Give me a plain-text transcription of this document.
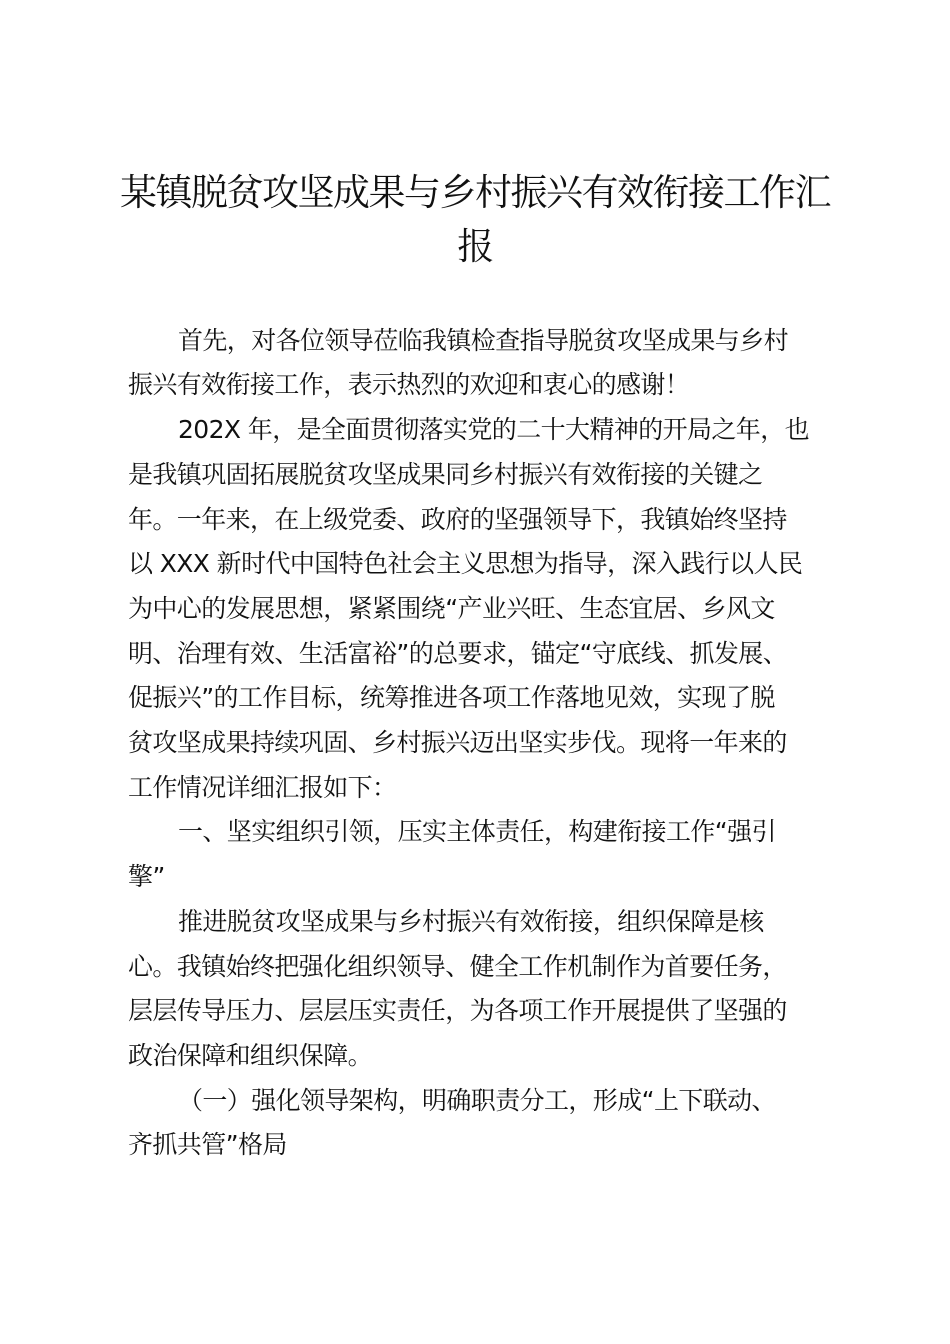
某镇脱贫攻坚成果与乡村振兴有效衔接工作汇
报
首先，对各位领导莅临我镇检查指导脱贫攻坚成果与乡村
振兴有效衔接工作，表示热烈的欢迎和衷心的感谢！
202X 年，是全面贯彻落实党的二十大精神的开局之年，也
是我镇巩固拓展脱贫攻坚成果同乡村振兴有效衔接的关键之
年。一年来，在上级党委、政府的坚强领导下，我镇始终坚持
以 XXX 新时代中国特色社会主义思想为指导，深入践行以人民
为中心的发展思想，紧紧围绕“产业兴旺、生态宜居、乡风文
明、治理有效、生活富裕”的总要求，锚定“守底线、抓发展、
促振兴”的工作目标，统筹推进各项工作落地见效，实现了脱
贫攻坚成果持续巩固、乡村振兴迈出坚实步伐。现将一年来的
工作情况详细汇报如下：
一、坚实组织引领，压实主体责任，构建衔接工作“强引
擎”
推进脱贫攻坚成果与乡村振兴有效衔接，组织保障是核
心。我镇始终把强化组织领导、健全工作机制作为首要任务，
层层传导压力、层层压实责任，为各项工作开展提供了坚强的
政治保障和组织保障。
（一）强化领导架构，明确职责分工，形成“上下联动、
齐抓共管”格局
